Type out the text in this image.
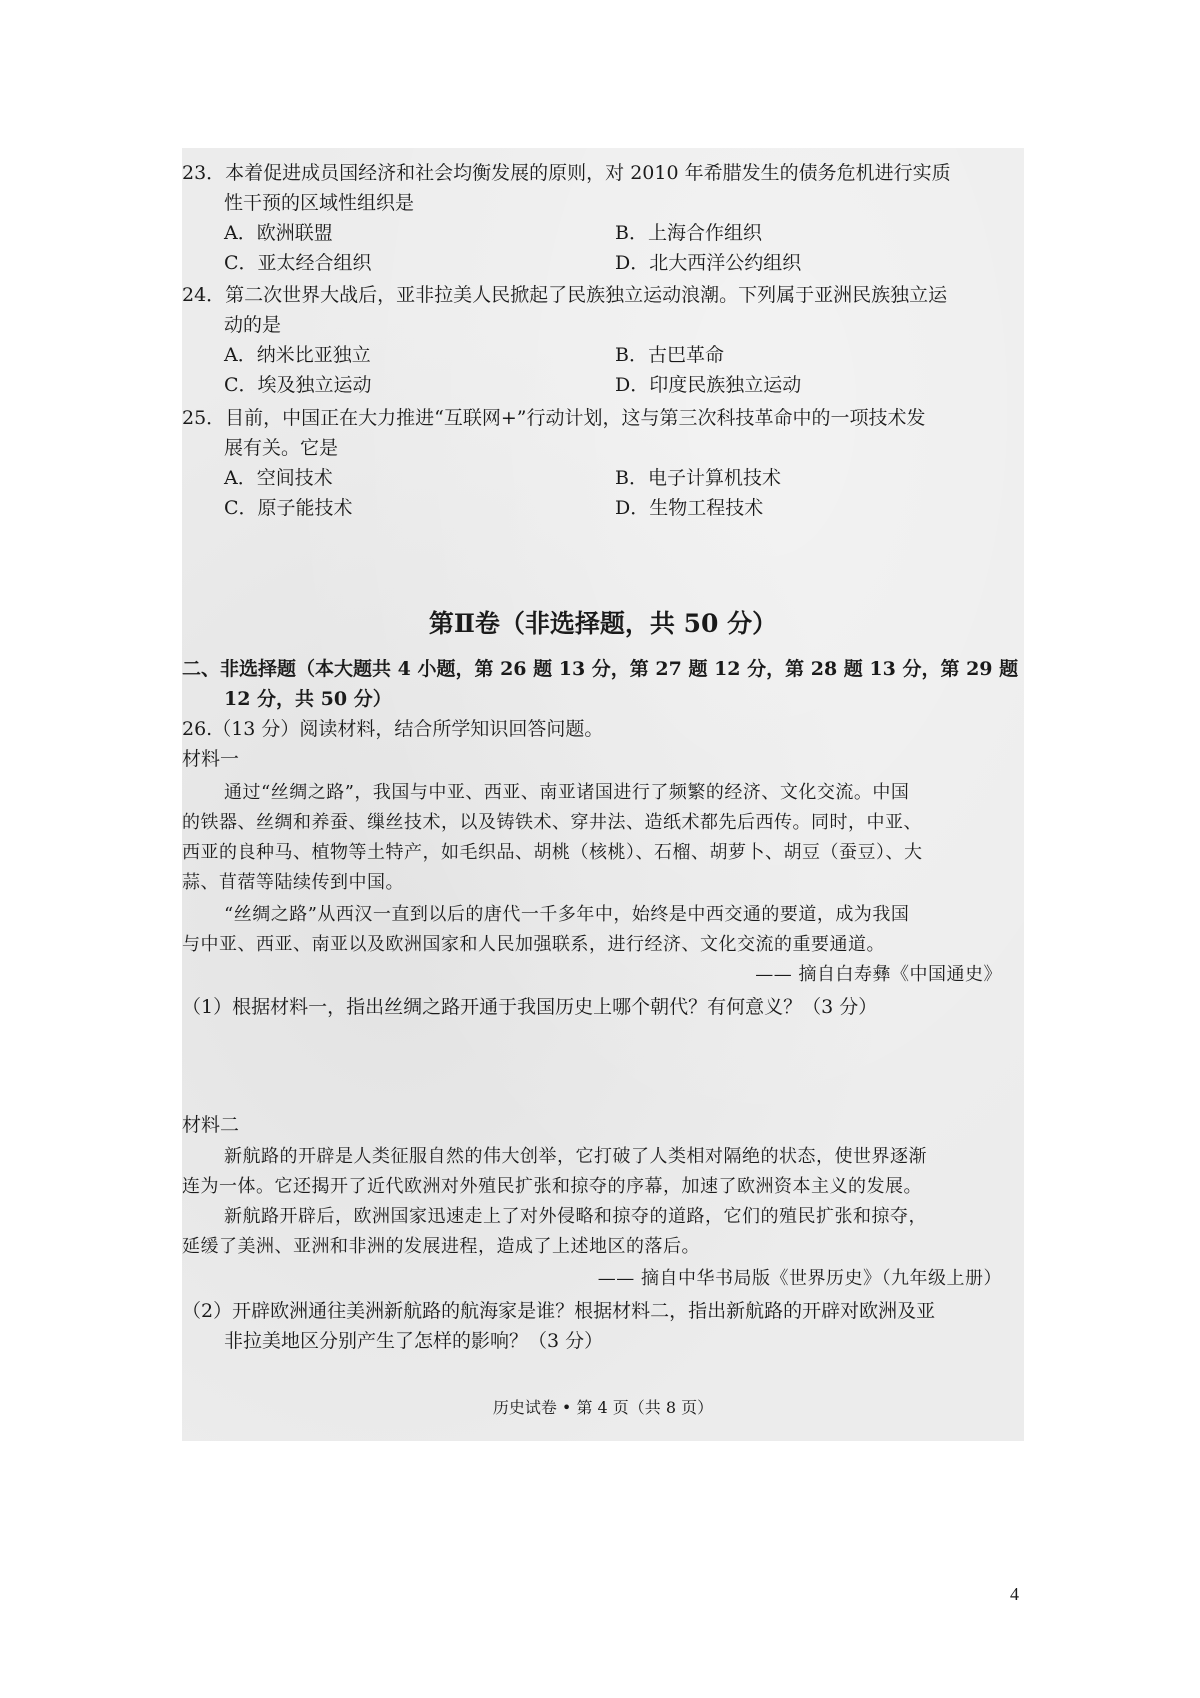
23．本着促进成员国经济和社会均衡发展的原则，对 2010 年希腊发生的债务危机进行实质
性干预的区域性组织是
A．欧洲联盟	B．上海合作组织
C．亚太经合组织	D．北大西洋公约组织
24．第二次世界大战后，亚非拉美人民掀起了民族独立运动浪潮。下列属于亚洲民族独立运
动的是
A．纳米比亚独立	B．古巴革命
C．埃及独立运动	D．印度民族独立运动
25．目前，中国正在大力推进“互联网+”行动计划，这与第三次科技革命中的一项技术发
展有关。它是
A．空间技术	B．电子计算机技术
C．原子能技术	D．生物工程技术
第Ⅱ卷（非选择题，共 50 分）
二、非选择题（本大题共 4 小题，第 26 题 13 分，第 27 题 12 分，第 28 题 13 分，第 29 题
12 分，共 50 分）
26.（13 分）阅读材料，结合所学知识回答问题。
材料一
通过“丝绸之路”，我国与中亚、西亚、南亚诸国进行了频繁的经济、文化交流。中国
的铁器、丝绸和养蚕、缫丝技术，以及铸铁术、穿井法、造纸术都先后西传。同时，中亚、
西亚的良种马、植物等土特产，如毛织品、胡桃（核桃）、石榴、胡萝卜、胡豆（蚕豆）、大
蒜、苜蓿等陆续传到中国。
“丝绸之路”从西汉一直到以后的唐代一千多年中，始终是中西交通的要道，成为我国
与中亚、西亚、南亚以及欧洲国家和人民加强联系，进行经济、文化交流的重要通道。
—— 摘自白寿彝《中国通史》
（1）根据材料一，指出丝绸之路开通于我国历史上哪个朝代？有何意义？（3 分）
材料二
新航路的开辟是人类征服自然的伟大创举，它打破了人类相对隔绝的状态，使世界逐渐
连为一体。它还揭开了近代欧洲对外殖民扩张和掠夺的序幕，加速了欧洲资本主义的发展。
新航路开辟后，欧洲国家迅速走上了对外侵略和掠夺的道路，它们的殖民扩张和掠夺，
延缓了美洲、亚洲和非洲的发展进程，造成了上述地区的落后。
—— 摘自中华书局版《世界历史》（九年级上册）
（2）开辟欧洲通往美洲新航路的航海家是谁？根据材料二，指出新航路的开辟对欧洲及亚
非拉美地区分别产生了怎样的影响？（3 分）
历史试卷 • 第 4 页（共 8 页）
4
